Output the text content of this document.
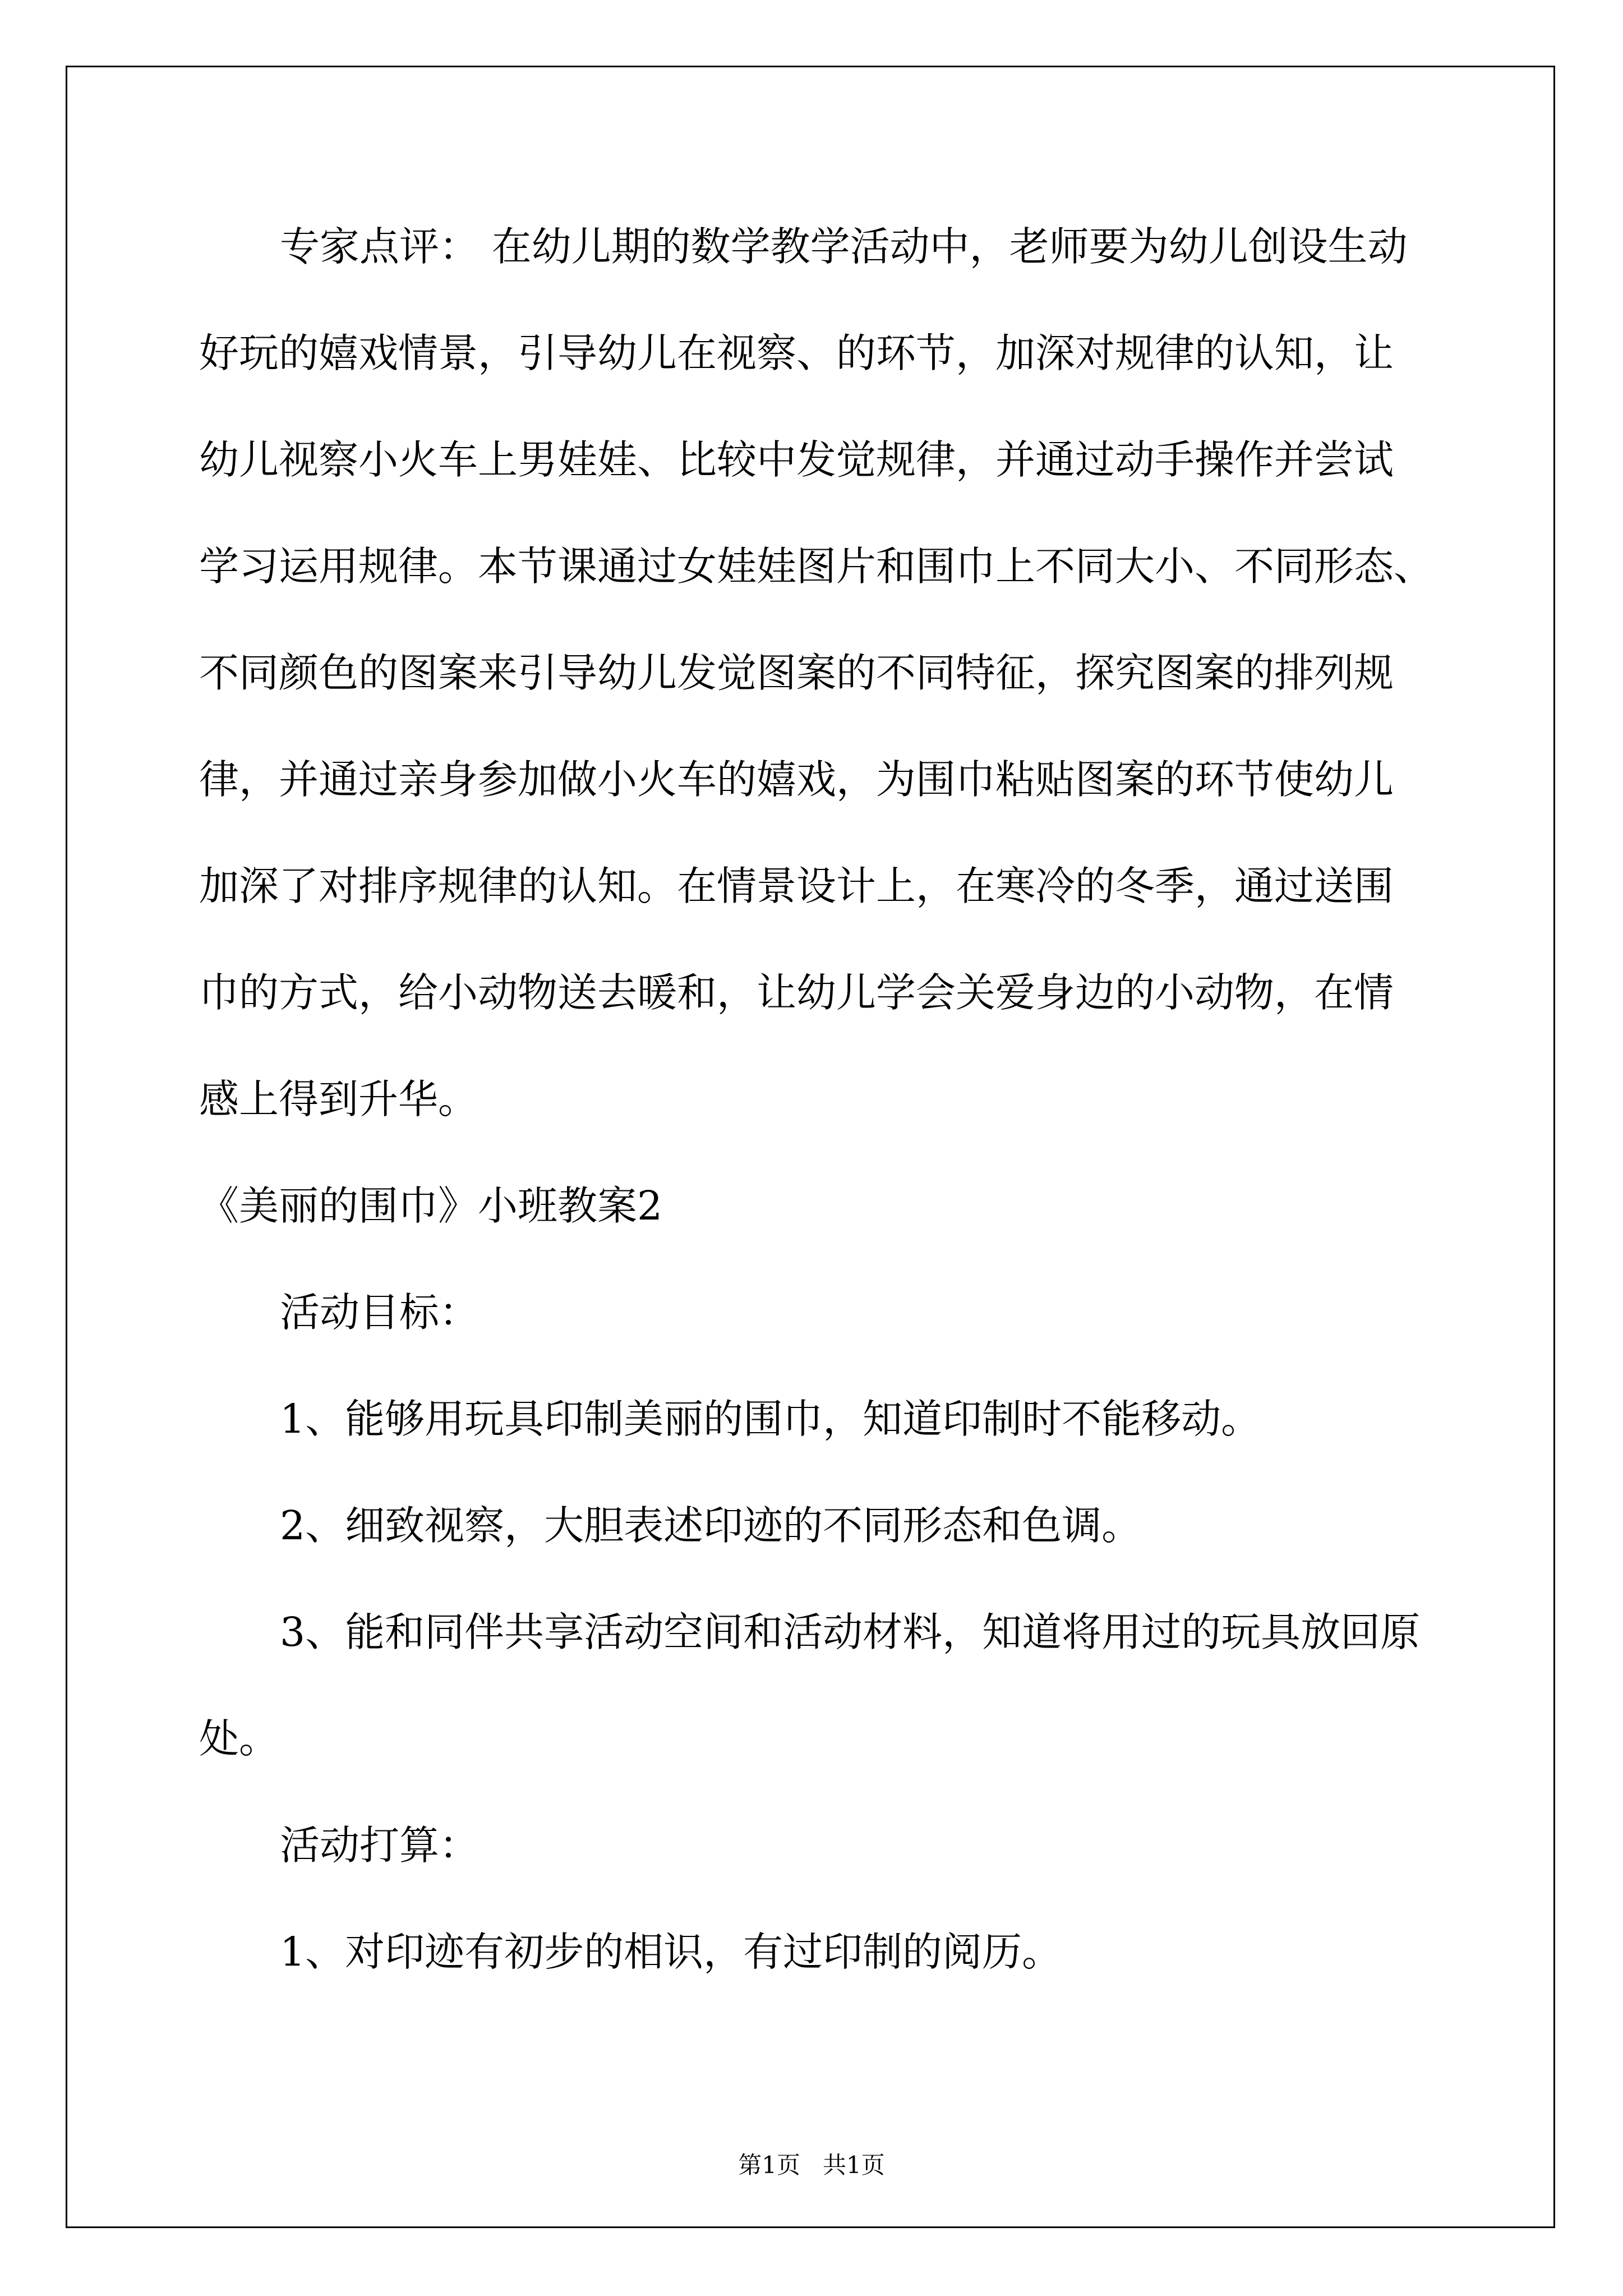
专家点评： 在幼儿期的数学教学活动中，老师要为幼儿创设生动
好玩的嬉戏情景，引导幼儿在视察、的环节，加深对规律的认知，让
幼儿视察小火车上男娃娃、比较中发觉规律，并通过动手操作并尝试
学习运用规律。本节课通过女娃娃图片和围巾上不同大小、不同形态、
不同颜色的图案来引导幼儿发觉图案的不同特征，探究图案的排列规
律，并通过亲身参加做小火车的嬉戏，为围巾粘贴图案的环节使幼儿
加深了对排序规律的认知。在情景设计上，在寒冷的冬季，通过送围
巾的方式，给小动物送去暖和，让幼儿学会关爱身边的小动物，在情
感上得到升华。
《美丽的围巾》小班教案2
活动目标：
1、能够用玩具印制美丽的围巾，知道印制时不能移动。
2、细致视察，大胆表述印迹的不同形态和色调。
3、能和同伴共享活动空间和活动材料，知道将用过的玩具放回原
处。
活动打算：
1、对印迹有初步的相识，有过印制的阅历。
第1页   共1页
